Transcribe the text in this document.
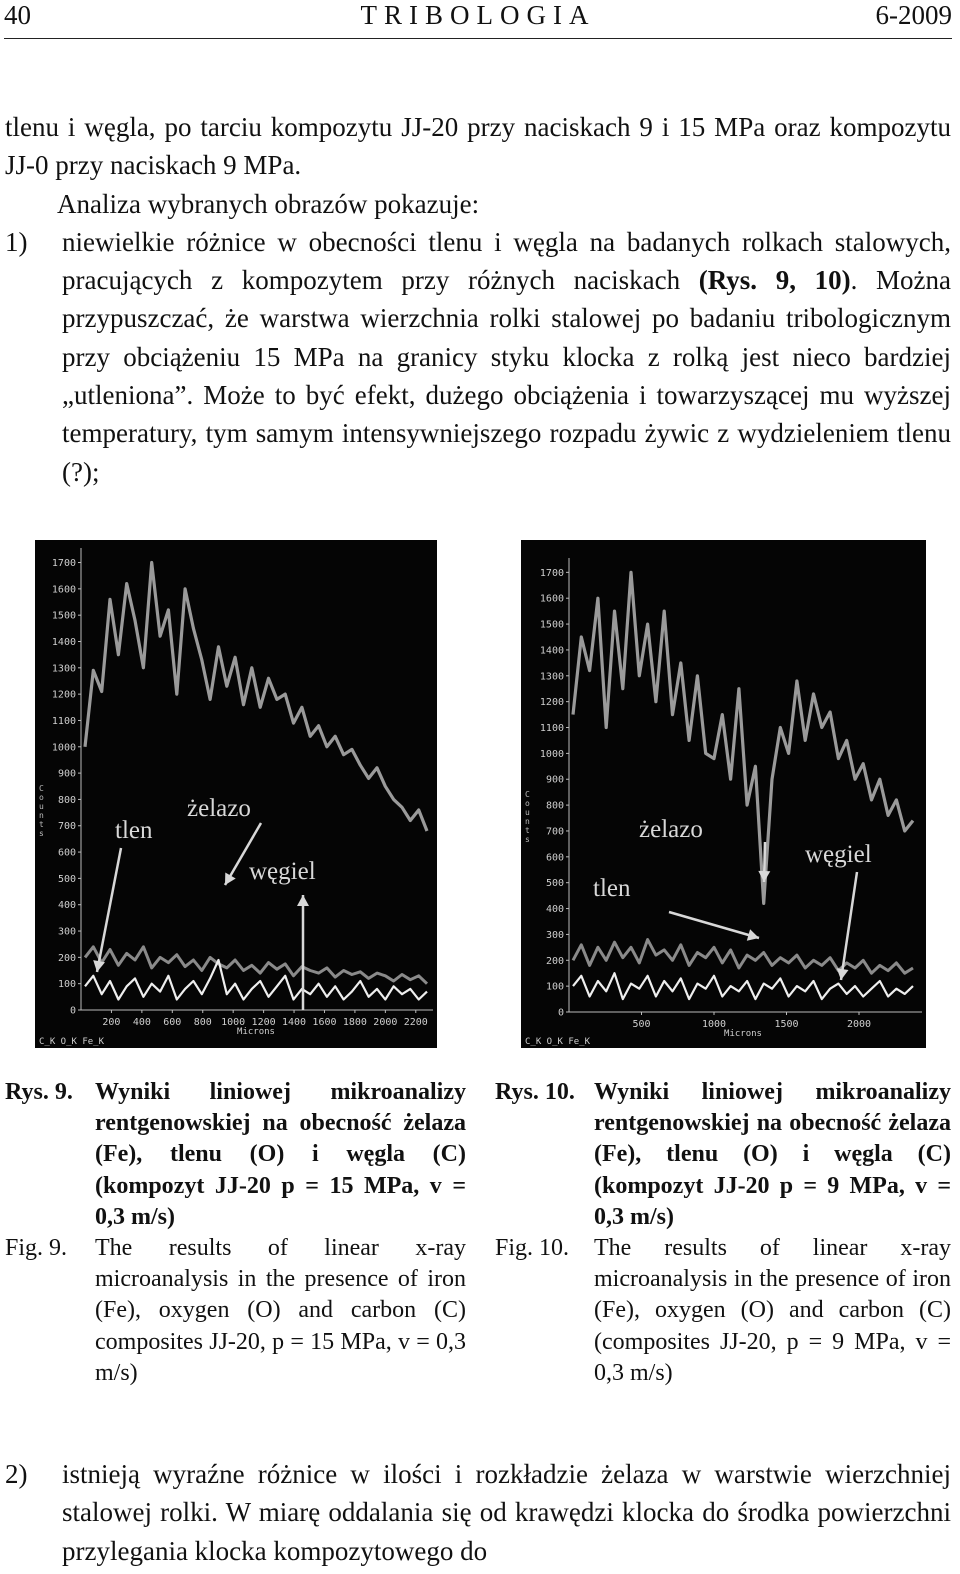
40	TRIBOLOGIA	6-2009

tlenu i węgla, po tarciu kompozytu JJ-20 przy naciskach 9 i 15 MPa oraz kompozytu JJ-0 przy naciskach 9 MPa.

Analiza wybranych obrazów pokazuje:

1) niewielkie różnice w obecności tlenu i węgla na badanych rolkach stalowych, pracujących z kompozytem przy różnych naciskach (Rys. 9, 10). Można przypuszczać, że warstwa wierzchnia rolki stalowej po badaniu tribologicznym przy obciążeniu 15 MPa na granicy styku klocka z rolką jest nieco bardziej „utleniona”. Może to być efekt, dużego obciążenia i towarzyszącej mu wyższej temperatury, tym samym intensywniejszego rozpadu żywic z wydzieleniem tlenu (?);
0
100
200
300
400
500
600
700
800
900
1000
1100
1200
1300
1400
1500
1600
1700
200 400 600 800 1000 1200 1400 1600 1800 2000 2200
C o u n t s
Microns
C_K O_K Fe_K
tlen
żelazo
węgiel
0
100
200
300
400
500
600
700
800
900
1000
1100
1200
1300
1400
1500
1600
1700
500	1000	1500	2000
C o u n t s
Microns
C_K O_K Fe_K
tlen
żelazo
węgiel
Rys. 9. Wyniki liniowej mikroanalizy rentgenowskiej na obecność żelaza (Fe), tlenu (O) i węgla (C) (kompozyt JJ-20 p = 15 MPa, v = 0,3 m/s)
Fig. 9. The results of linear x-ray microanalysis in the presence of iron (Fe), oxygen (O) and carbon (C) composites JJ-20, p = 15 MPa, v = 0,3 m/s)
Rys. 10. Wyniki liniowej mikroanalizy rentgenowskiej na obecność żelaza (Fe), tlenu (O) i węgla (C) (kompozyt JJ-20 p = 9 MPa, v = 0,3 m/s)
Fig. 10. The results of linear x-ray microanalysis in the presence of iron (Fe), oxygen (O) and carbon (C) (composites JJ-20, p = 9 MPa, v = 0,3 m/s)
2) istnieją wyraźne różnice w ilości i rozkładzie żelaza w warstwie wierzchniej stalowej rolki. W miarę oddalania się od krawędzi klocka do środka powierzchni przylegania klocka kompozytowego do
